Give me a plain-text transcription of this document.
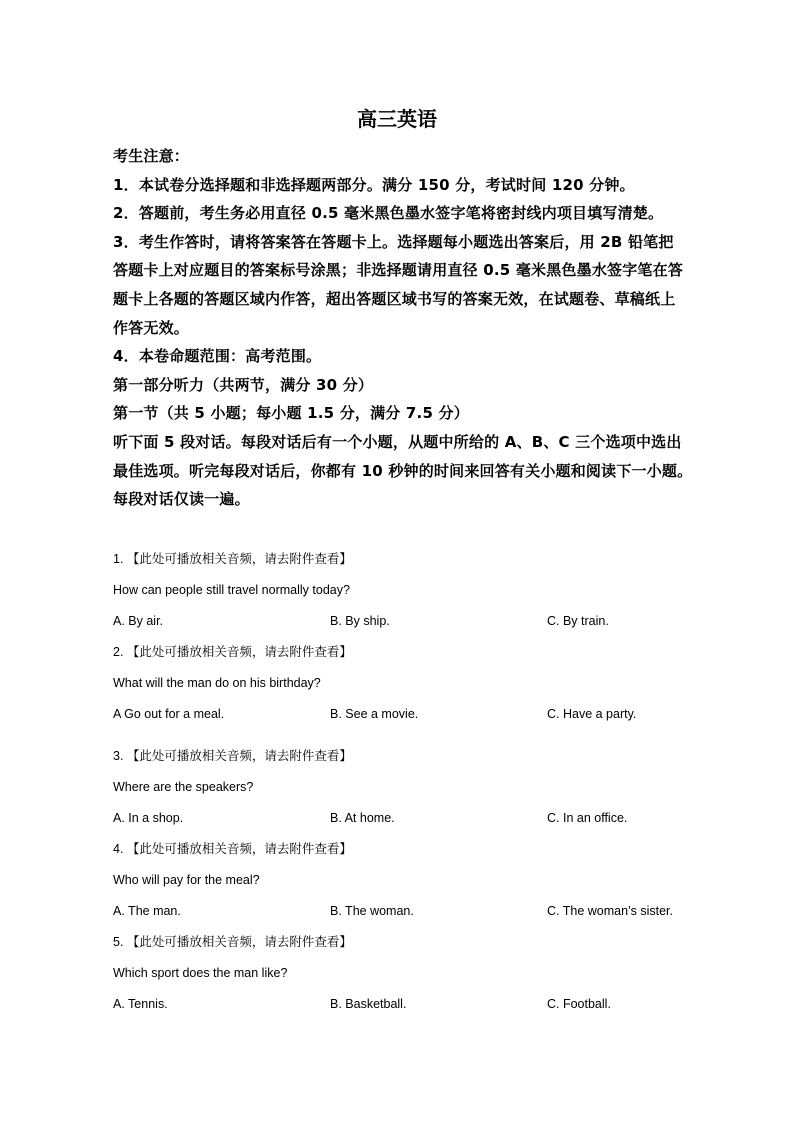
高三英语

考生注意：

1．本试卷分选择题和非选择题两部分。满分 150 分，考试时间 120 分钟。

2．答题前，考生务必用直径 0.5 毫米黑色墨水签字笔将密封线内项目填写清楚。

3．考生作答时，请将答案答在答题卡上。选择题每小题选出答案后，用 2B 铅笔把

答题卡上对应题目的答案标号涂黑；非选择题请用直径 0.5 毫米黑色墨水签字笔在答

题卡上各题的答题区域内作答，超出答题区域书写的答案无效，在试题卷、草稿纸上

作答无效。

4．本卷命题范围：高考范围。

第一部分听力（共两节，满分 30 分）

第一节（共 5 小题；每小题 1.5 分，满分 7.5 分）

听下面 5 段对话。每段对话后有一个小题，从题中所给的 A、B、C 三个选项中选出

最佳选项。听完每段对话后，你都有 10 秒钟的时间来回答有关小题和阅读下一小题。

每段对话仅读一遍。

1. 【此处可播放相关音频，请去附件查看】
How can people still travel normally today?
A. By air.	B. By ship.	C. By train.
2. 【此处可播放相关音频，请去附件查看】
What will the man do on his birthday?
A Go out for a meal.	B. See a movie.	C. Have a party.
3. 【此处可播放相关音频，请去附件查看】
Where are the speakers?
A. In a shop.	B. At home.	C. In an office.
4. 【此处可播放相关音频，请去附件查看】
Who will pay for the meal?
A. The man.	B. The woman.	C. The woman’s sister.
5. 【此处可播放相关音频，请去附件查看】
Which sport does the man like?
A. Tennis.	B. Basketball.	C. Football.
